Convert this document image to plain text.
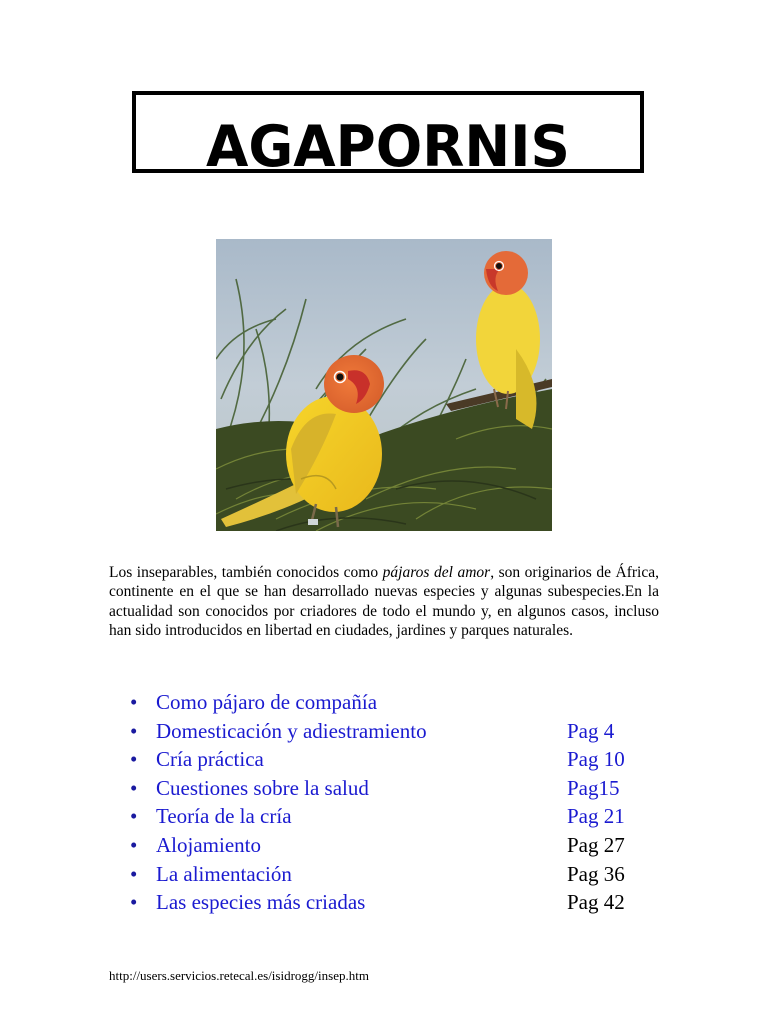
AGAPORNIS

Los inseparables, también conocidos como pájaros del amor, son originarios de África, continente en el que se han desarrollado nuevas especies y algunas subespecies.En la actualidad son conocidos por criadores de todo el mundo y, en algunos casos, incluso han sido introducidos en libertad en ciudades, jardines y parques naturales.

• Como pájaro de compañía
• Domesticación y adiestramiento	Pag 4
• Cría práctica	Pag 10
• Cuestiones sobre la salud	Pag15
• Teoría de la cría	Pag 21
• Alojamiento	Pag 27
• La alimentación	Pag 36
• Las especies más criadas	Pag 42
http://users.servicios.retecal.es/isidrogg/insep.htm
